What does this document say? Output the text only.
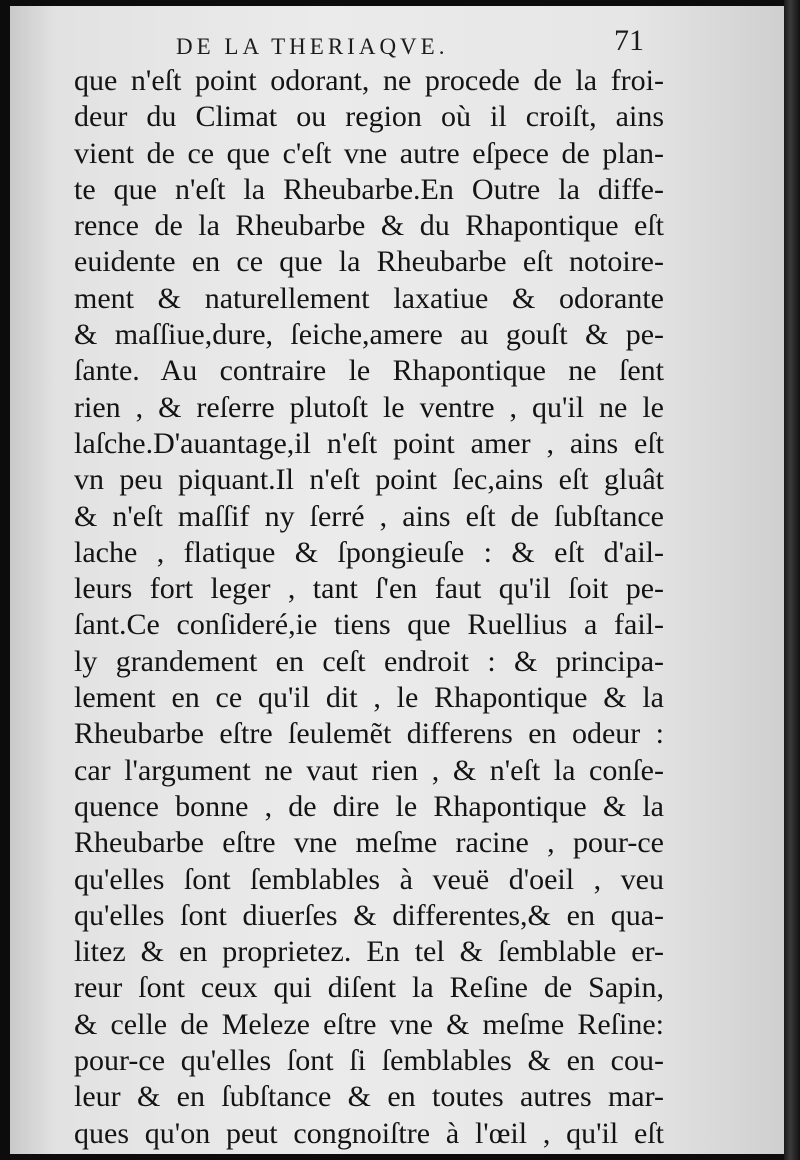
DE LA THERIAQVE.	71
que n'eſt point odorant, ne procede de la froi-
deur du Climat ou region où il croiſt, ains
vient de ce que c'eſt vne autre eſpece de plan-
te que n'eſt la Rheubarbe.En Outre la diffe-
rence de la Rheubarbe & du Rhapontique eſt
euidente en ce que la Rheubarbe eſt notoire-
ment & naturellement laxatiue & odorante
& maſſiue,dure, ſeiche,amere au gouſt & pe-
ſante. Au contraire le Rhapontique ne ſent
rien , & reſerre plutoſt le ventre , qu'il ne le
laſche.D'auantage,il n'eſt point amer , ains eſt
vn peu piquant.Il n'eſt point ſec,ains eſt gluât
& n'eſt maſſif ny ſerré , ains eſt de ſubſtance
lache , flatique & ſpongieuſe : & eſt d'ail-
leurs fort leger , tant ſ'en faut qu'il ſoit pe-
ſant.Ce conſideré,ie tiens que Ruellius a fail-
ly grandement en ceſt endroit : & principa-
lement en ce qu'il dit , le Rhapontique & la
Rheubarbe eſtre ſeulemẽt differens en odeur :
car l'argument ne vaut rien , & n'eſt la conſe-
quence bonne , de dire le Rhapontique & la
Rheubarbe eſtre vne meſme racine , pour-ce
qu'elles ſont ſemblables à veuë d'oeil , veu
qu'elles ſont diuerſes & differentes,& en qua-
litez & en proprietez. En tel & ſemblable er-
reur ſont ceux qui diſent la Reſine de Sapin,
& celle de Meleze eſtre vne & meſme Reſine:
pour-ce qu'elles ſont ſi ſemblables & en cou-
leur & en ſubſtance & en toutes autres mar-
ques qu'on peut congnoiſtre à l'œil , qu'il eſt
